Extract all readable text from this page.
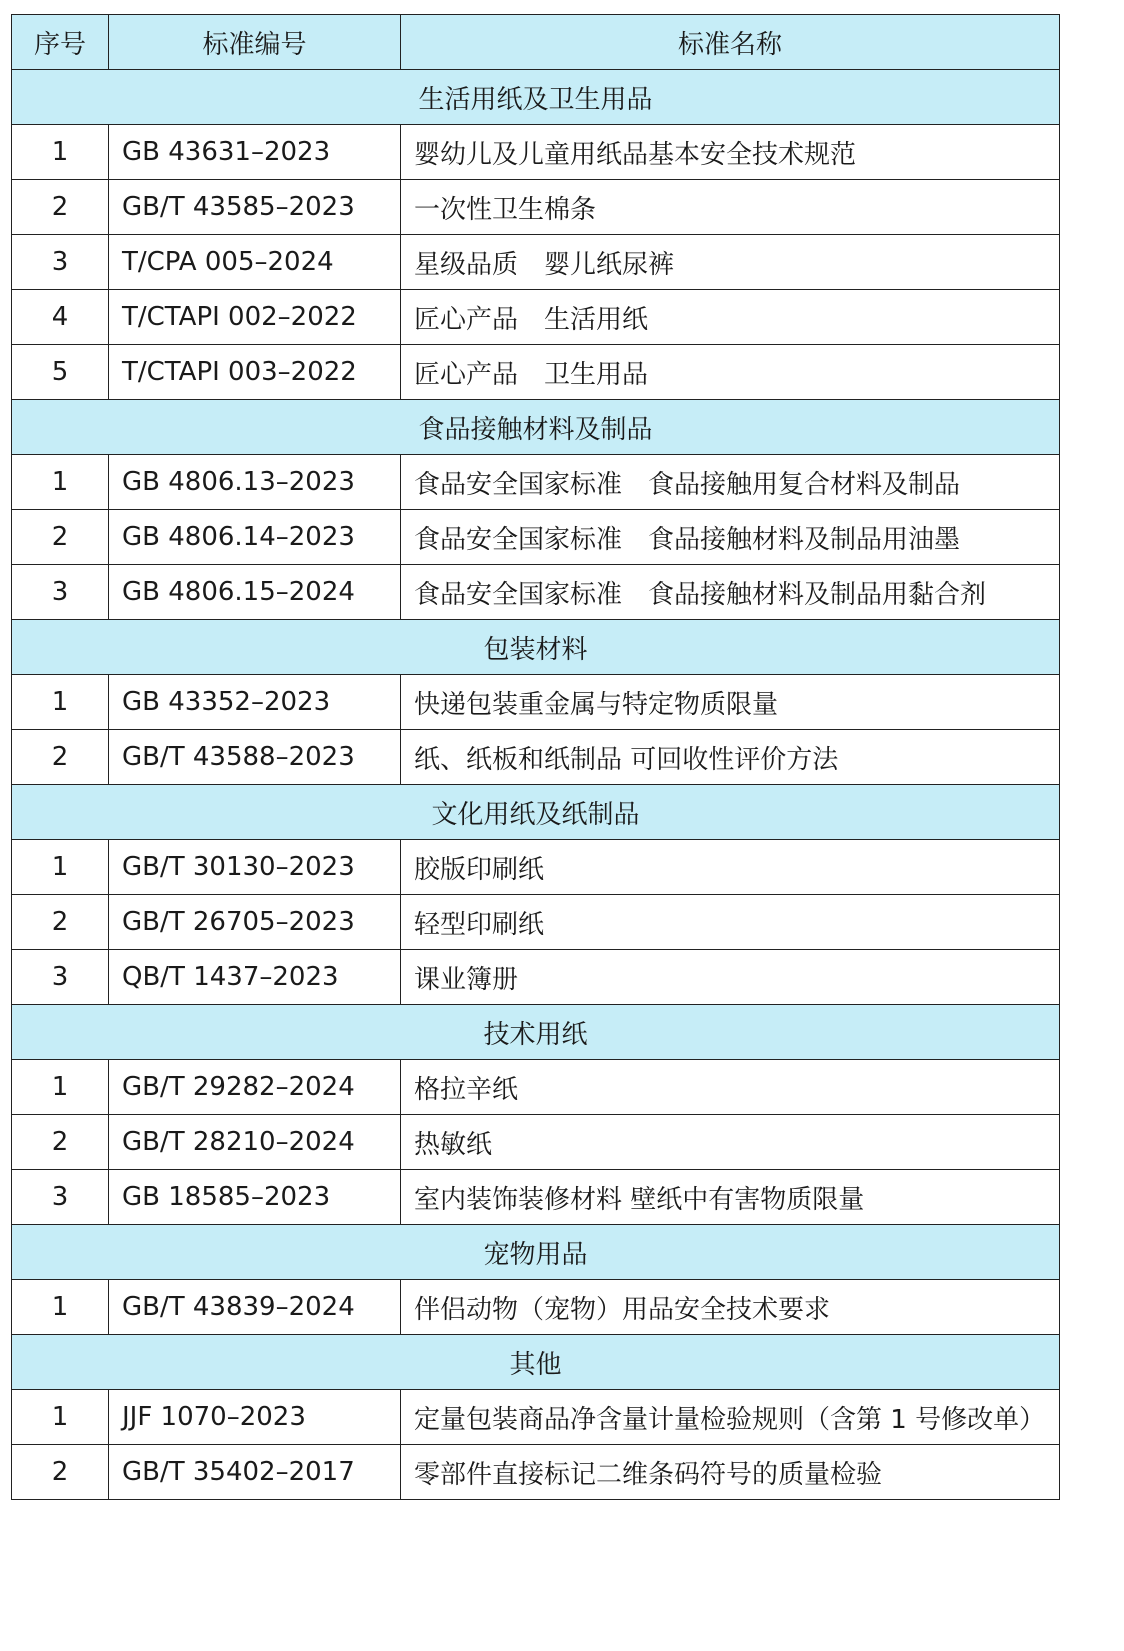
序号	标准编号	标准名称
生活用纸及卫生用品		
1	GB 43631–2023	婴幼儿及儿童用纸品基本安全技术规范
2	GB/T 43585–2023	一次性卫生棉条
3	T/CPA 005–2024	星级品质　婴儿纸尿裤
4	T/CTAPI 002–2022	匠心产品　生活用纸
5	T/CTAPI 003–2022	匠心产品　卫生用品
食品接触材料及制品		
1	GB 4806.13–2023	食品安全国家标准　食品接触用复合材料及制品
2	GB 4806.14–2023	食品安全国家标准　食品接触材料及制品用油墨
3	GB 4806.15–2024	食品安全国家标准　食品接触材料及制品用黏合剂
包装材料		
1	GB 43352–2023	快递包装重金属与特定物质限量
2	GB/T 43588–2023	纸、纸板和纸制品 可回收性评价方法
文化用纸及纸制品		
1	GB/T 30130–2023	胶版印刷纸
2	GB/T 26705–2023	轻型印刷纸
3	QB/T 1437–2023	课业簿册
技术用纸		
1	GB/T 29282–2024	格拉辛纸
2	GB/T 28210–2024	热敏纸
3	GB 18585–2023	室内装饰装修材料 壁纸中有害物质限量
宠物用品		
1	GB/T 43839–2024	伴侣动物（宠物）用品安全技术要求
其他		
1	JJF 1070–2023	定量包装商品净含量计量检验规则（含第 1 号修改单）
2	GB/T 35402–2017	零部件直接标记二维条码符号的质量检验
